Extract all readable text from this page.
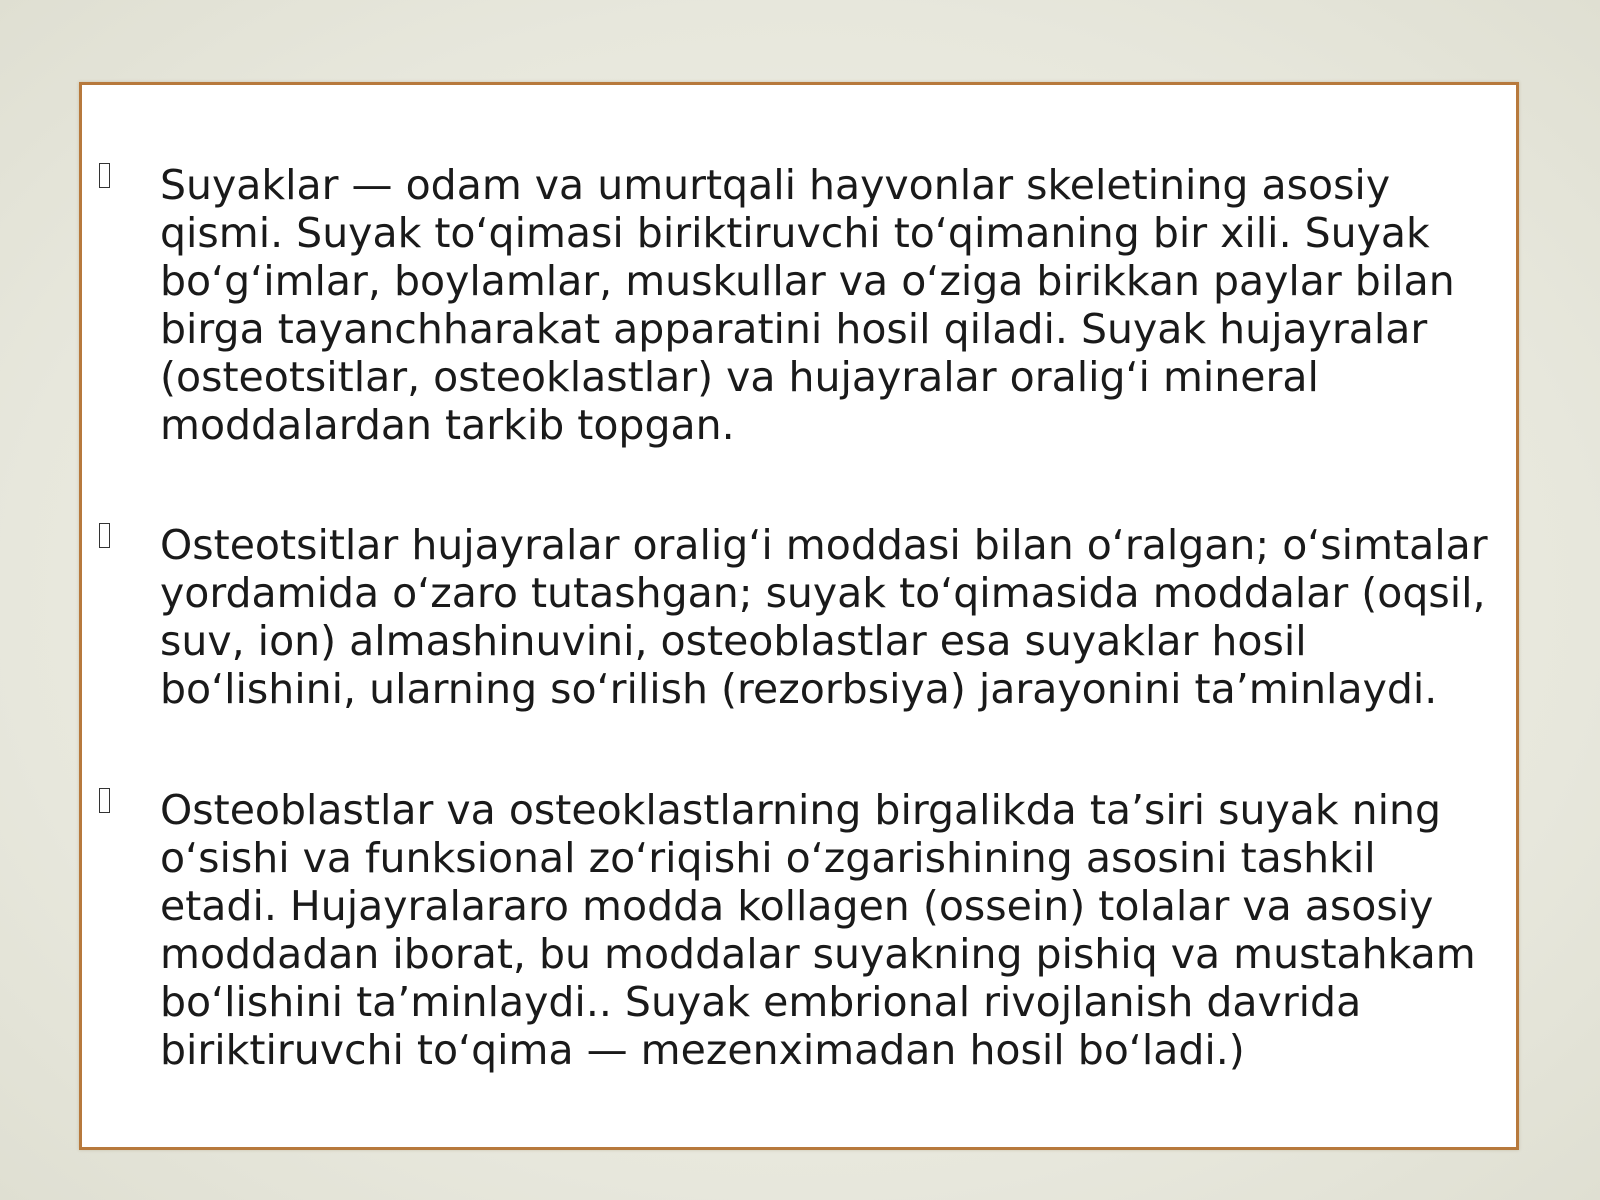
Suyaklar — odam va umurtqali hayvonlar skeletining asosiy
qismi. Suyak to‘qimasi biriktiruvchi to‘qimaning bir xili. Suyak
bo‘g‘imlar, boylamlar, muskullar va o‘ziga birikkan paylar bilan
birga tayanchharakat apparatini hosil qiladi. Suyak hujayralar
(osteotsitlar, osteoklastlar) va hujayralar oralig‘i mineral
moddalardan tarkib topgan.

Osteotsitlar hujayralar oralig‘i moddasi bilan o‘ralgan; o‘simtalar
yordamida o‘zaro tutashgan; suyak to‘qimasida moddalar (oqsil,
suv, ion) almashinuvini, osteoblastlar esa suyaklar hosil
bo‘lishini, ularning so‘rilish (rezorbsiya) jarayonini ta’minlaydi.

Osteoblastlar va osteoklastlarning birgalikda ta’siri suyak ning
o‘sishi va funksional zo‘riqishi o‘zgarishining asosini tashkil
etadi. Hujayralararo modda kollagen (ossein) tolalar va asosiy
moddadan iborat, bu moddalar suyakning pishiq va mustahkam
bo‘lishini ta’minlaydi.. Suyak embrional rivojlanish davrida
biriktiruvchi to‘qima — mezenximadan hosil bo‘ladi.)
